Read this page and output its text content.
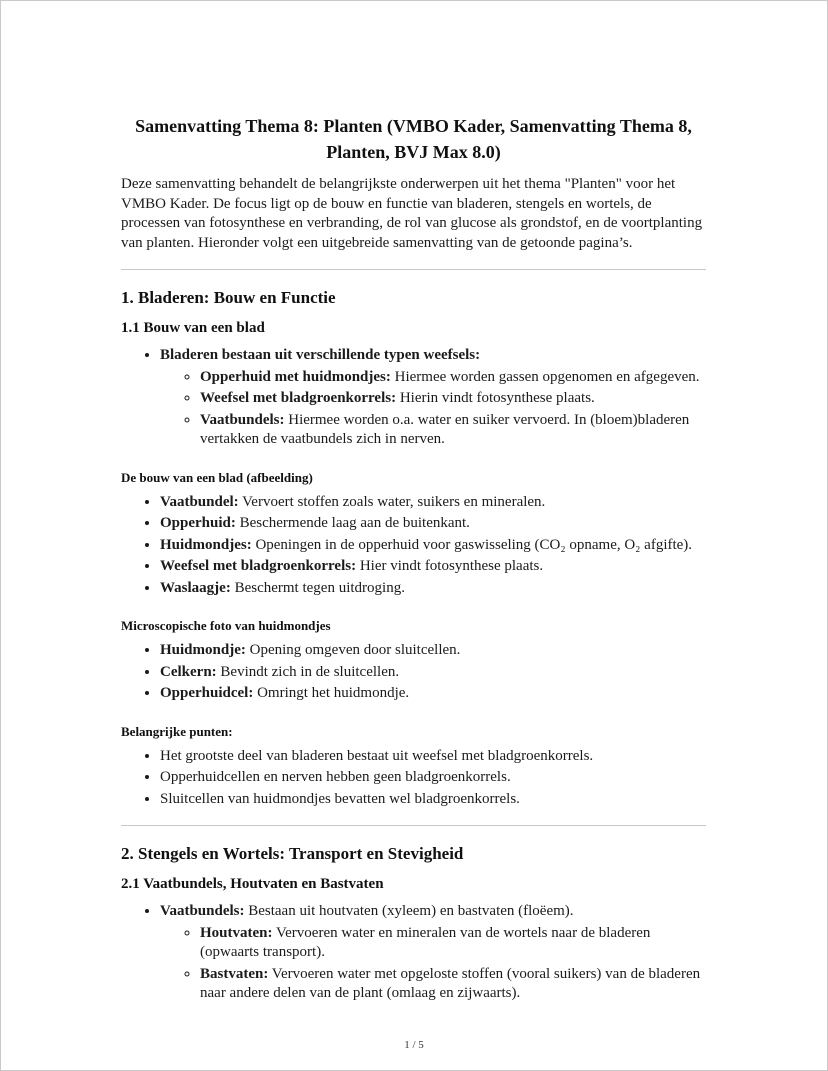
Samenvatting Thema 8: Planten (VMBO Kader, Samenvatting Thema 8, Planten, BVJ Max 8.0)

Deze samenvatting behandelt de belangrijkste onderwerpen uit het thema "Planten" voor het VMBO Kader. De focus ligt op de bouw en functie van bladeren, stengels en wortels, de processen van fotosynthese en verbranding, de rol van glucose als grondstof, en de voortplanting van planten. Hieronder volgt een uitgebreide samenvatting van de getoonde pagina’s.

1. Bladeren: Bouw en Functie
1.1 Bouw van een blad
• Bladeren bestaan uit verschillende typen weefsels:
◦ Opperhuid met huidmondjes: Hiermee worden gassen opgenomen en afgegeven.
◦ Weefsel met bladgroenkorrels: Hierin vindt fotosynthese plaats.
◦ Vaatbundels: Hiermee worden o.a. water en suiker vervoerd. In (bloem)bladeren vertakken de vaatbundels zich in nerven.
De bouw van een blad (afbeelding)
• Vaatbundel: Vervoert stoffen zoals water, suikers en mineralen.
• Opperhuid: Beschermende laag aan de buitenkant.
• Huidmondjes: Openingen in de opperhuid voor gaswisseling (CO₂ opname, O₂ afgifte).
• Weefsel met bladgroenkorrels: Hier vindt fotosynthese plaats.
• Waslaagje: Beschermt tegen uitdroging.
Microscopische foto van huidmondjes
• Huidmondje: Opening omgeven door sluitcellen.
• Celkern: Bevindt zich in de sluitcellen.
• Opperhuidcel: Omringt het huidmondje.
Belangrijke punten:
• Het grootste deel van bladeren bestaat uit weefsel met bladgroenkorrels.
• Opperhuidcellen en nerven hebben geen bladgroenkorrels.
• Sluitcellen van huidmondjes bevatten wel bladgroenkorrels.
2. Stengels en Wortels: Transport en Stevigheid
2.1 Vaatbundels, Houtvaten en Bastvaten
• Vaatbundels: Bestaan uit houtvaten (xyleem) en bastvaten (floëem).
◦ Houtvaten: Vervoeren water en mineralen van de wortels naar de bladeren (opwaarts transport).
◦ Bastvaten: Vervoeren water met opgeloste stoffen (vooral suikers) van de bladeren naar andere delen van de plant (omlaag en zijwaarts).
1 / 5
